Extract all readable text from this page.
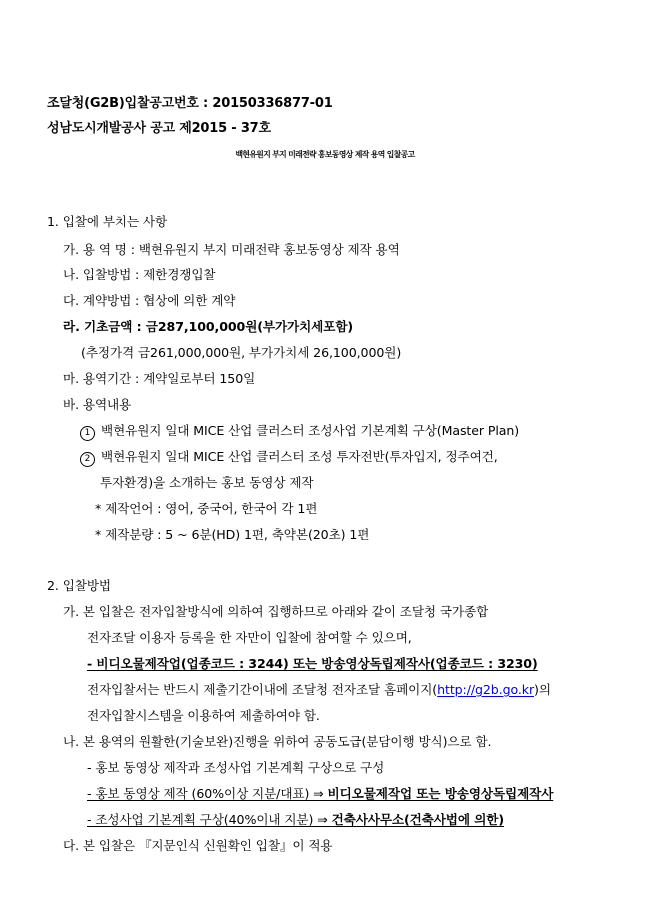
조달청(G2B)입찰공고번호 : 20150336877-01
성남도시개발공사 공고 제2015 - 37호
백현유원지 부지 미래전략 홍보동영상 제작 용역 입찰공고
1. 입찰에 부치는 사항
가. 용 역 명 : 백현유원지 부지 미래전략 홍보동영상 제작 용역
나. 입찰방법 : 제한경쟁입찰
다. 계약방법 : 협상에 의한 계약
라. 기초금액 : 금287,100,000원(부가가치세포함)
(추정가격 금261,000,000원, 부가가치세 26,100,000원)
마. 용역기간 : 계약일로부터 150일
바. 용역내용
1 백현유원지 일대 MICE 산업 클러스터 조성사업 기본계획 구상(Master Plan)
2 백현유원지 일대 MICE 산업 클러스터 조성 투자전반(투자입지, 정주여건,
투자환경)을 소개하는 홍보 동영상 제작
* 제작언어 : 영어, 중국어, 한국어 각 1편
* 제작분량 : 5 ~ 6분(HD) 1편, 축약본(20초) 1편
2. 입찰방법
가. 본 입찰은 전자입찰방식에 의하여 집행하므로 아래와 같이 조달청 국가종합
전자조달 이용자 등록을 한 자만이 입찰에 참여할 수 있으며,
- 비디오물제작업(업종코드 : 3244) 또는 방송영상독립제작사(업종코드 : 3230)
전자입찰서는 반드시 제출기간이내에 조달청 전자조달 홈페이지(http://g2b.go.kr)의
전자입찰시스템을 이용하여 제출하여야 함.
나. 본 용역의 원활한(기술보완)진행을 위하여 공동도급(분담이행 방식)으로 함.
- 홍보 동영상 제작과 조성사업 기본계획 구상으로 구성
- 홍보 동영상 제작 (60%이상 지분/대표) ⇒ 비디오물제작업 또는 방송영상독립제작사
- 조성사업 기본계획 구상(40%이내 지분) ⇒ 건축사사무소(건축사법에 의한)
다. 본 입찰은 『지문인식 신원확인 입찰』이 적용
